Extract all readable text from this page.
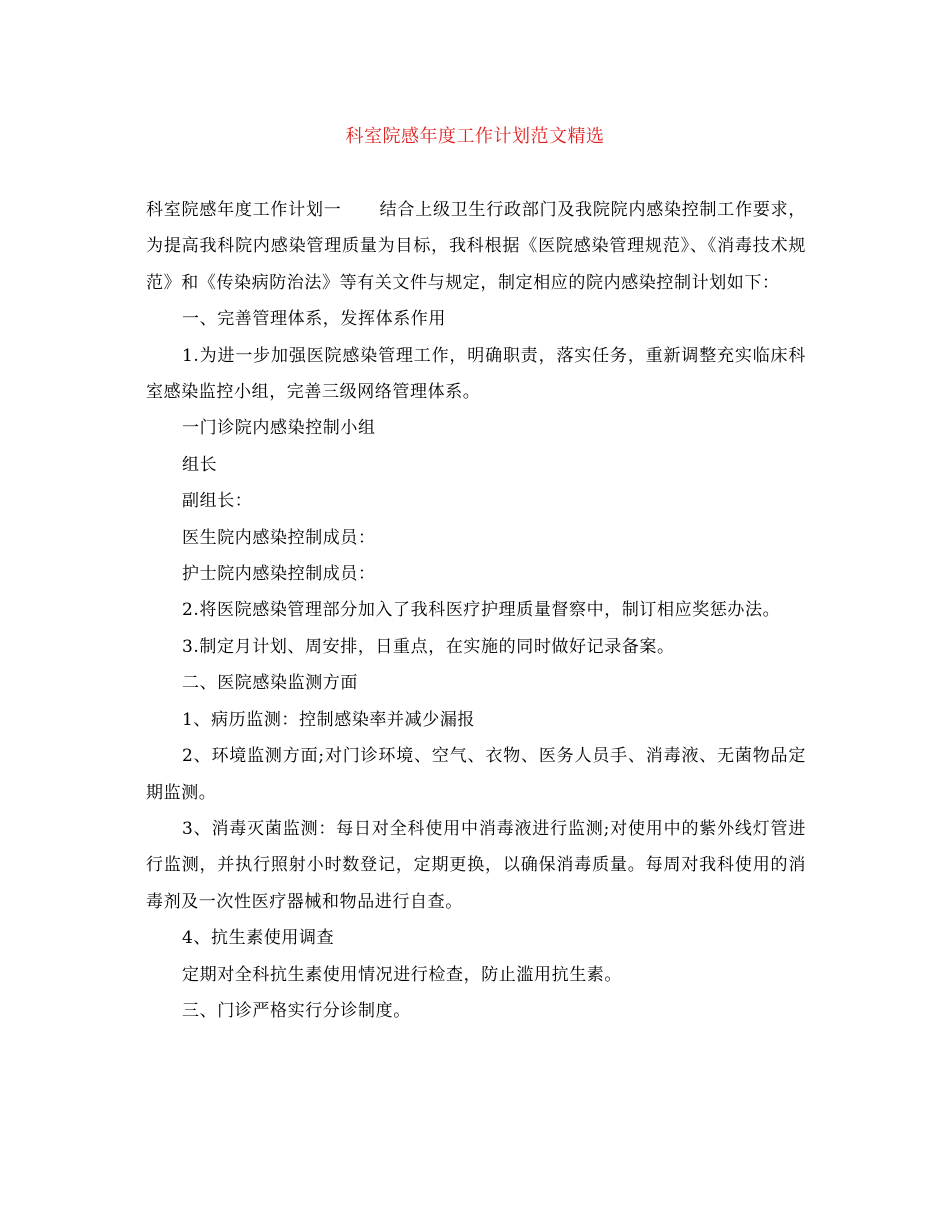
科室院感年度工作计划范文精选

科室院感年度工作计划一 结合上级卫生行政部门及我院院内感染控制工作要求，为提高我科院内感染管理质量为目标，我科根据《医院感染管理规范》、《消毒技术规范》和《传染病防治法》等有关文件与规定，制定相应的院内感染控制计划如下：

一、完善管理体系，发挥体系作用

1.为进一步加强医院感染管理工作，明确职责，落实任务，重新调整充实临床科室感染监控小组，完善三级网络管理体系。

一门诊院内感染控制小组

组长

副组长：

医生院内感染控制成员：

护士院内感染控制成员：

2.将医院感染管理部分加入了我科医疗护理质量督察中，制订相应奖惩办法。

3.制定月计划、周安排，日重点，在实施的同时做好记录备案。

二、医院感染监测方面

1、病历监测：控制感染率并减少漏报

2、环境监测方面;对门诊环境、空气、衣物、医务人员手、消毒液、无菌物品定期监测。

3、消毒灭菌监测：每日对全科使用中消毒液进行监测;对使用中的紫外线灯管进行监测，并执行照射小时数登记，定期更换，以确保消毒质量。每周对我科使用的消毒剂及一次性医疗器械和物品进行自查。

4、抗生素使用调查

定期对全科抗生素使用情况进行检查，防止滥用抗生素。

三、门诊严格实行分诊制度。
